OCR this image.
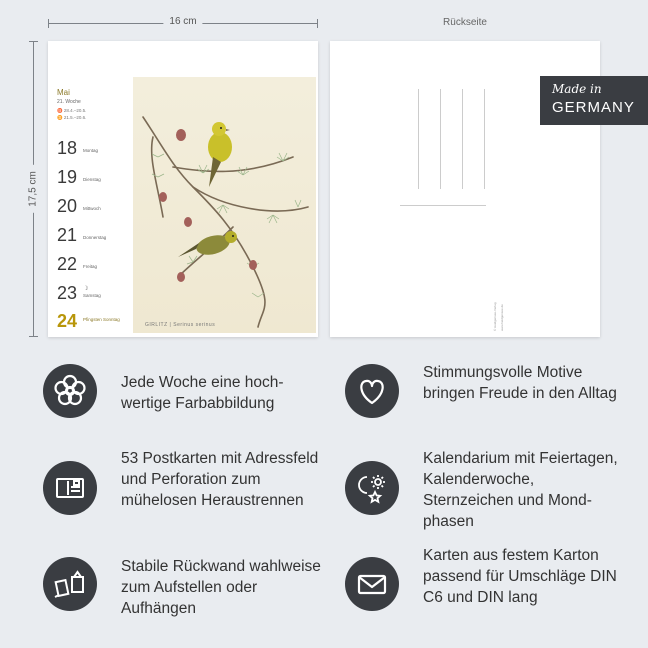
16 cm
17,5 cm
Rückseite
Mai
21. Woche
♉ 28.4.–20.5.
♊ 21.5.–20.6.
18 Montag
19 Dienstag
20 Mittwoch
21 Donnerstag
22 Freitag
23 ☽
Samstag
24 Pfingsten Sonntag
GIRLITZ | Serinus serinus	© Heidgensee-Verlag www.heidgensee.de
Made in
GERMANY
Jede Woche eine hochwertige Farbabbildung
Stimmungsvolle Motive bringen Freude in den Alltag
53 Postkarten mit Adressfeld und Perforation zum mühelosen Heraustrennen
Kalendarium mit Feiertagen, Kalenderwoche, Sternzeichen und Mondphasen
Stabile Rückwand wahlweise zum Aufstellen oder Aufhängen
Karten aus festem Karton passend für Umschläge DIN C6 und DIN lang
